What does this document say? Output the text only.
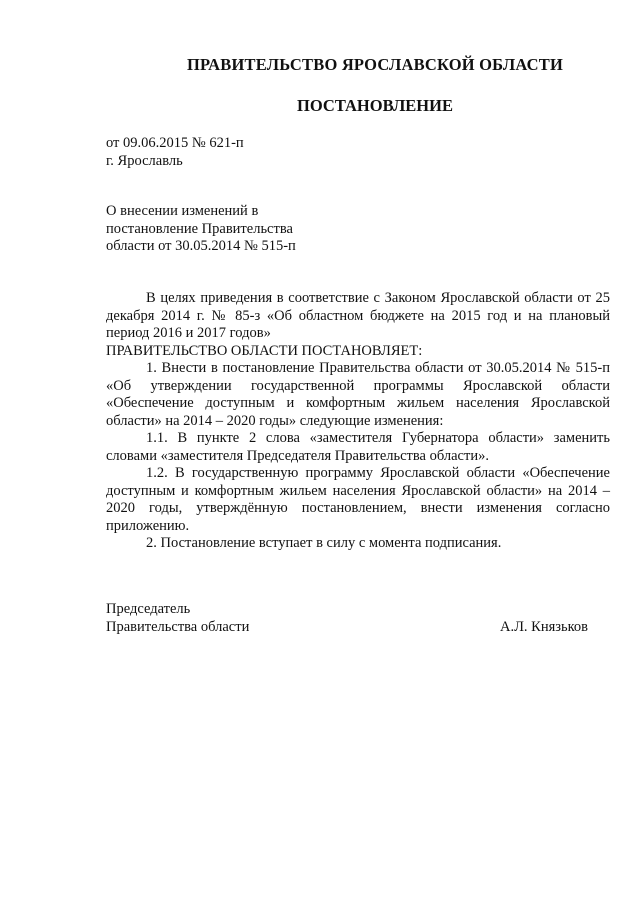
ПРАВИТЕЛЬСТВО ЯРОСЛАВСКОЙ ОБЛАСТИ
ПОСТАНОВЛЕНИЕ
от 09.06.2015 № 621-п
г. Ярославль
О внесении изменений в
постановление Правительства
области от 30.05.2014 № 515-п

В целях приведения в соответствие с Законом Ярославской области от 25 декабря 2014 г. № 85-з «Об областном бюджете на 2015 год и на плановый период 2016 и 2017 годов»

ПРАВИТЕЛЬСТВО ОБЛАСТИ ПОСТАНОВЛЯЕТ:

1. Внести в постановление Правительства области от 30.05.2014 № 515-п «Об утверждении государственной программы Ярославской области «Обеспечение доступным и комфортным жильем населения Ярославской области» на 2014 – 2020 годы» следующие изменения:

1.1. В пункте 2 слова «заместителя Губернатора области» заменить словами «заместителя Председателя Правительства области».

1.2. В государственную программу Ярославской области «Обеспечение доступным и комфортным жильем населения Ярославской области» на 2014 – 2020 годы, утверждённую постановлением, внести изменения согласно приложению.

2. Постановление вступает в силу с момента подписания.

Председатель
Правительства области	А.Л. Князьков
